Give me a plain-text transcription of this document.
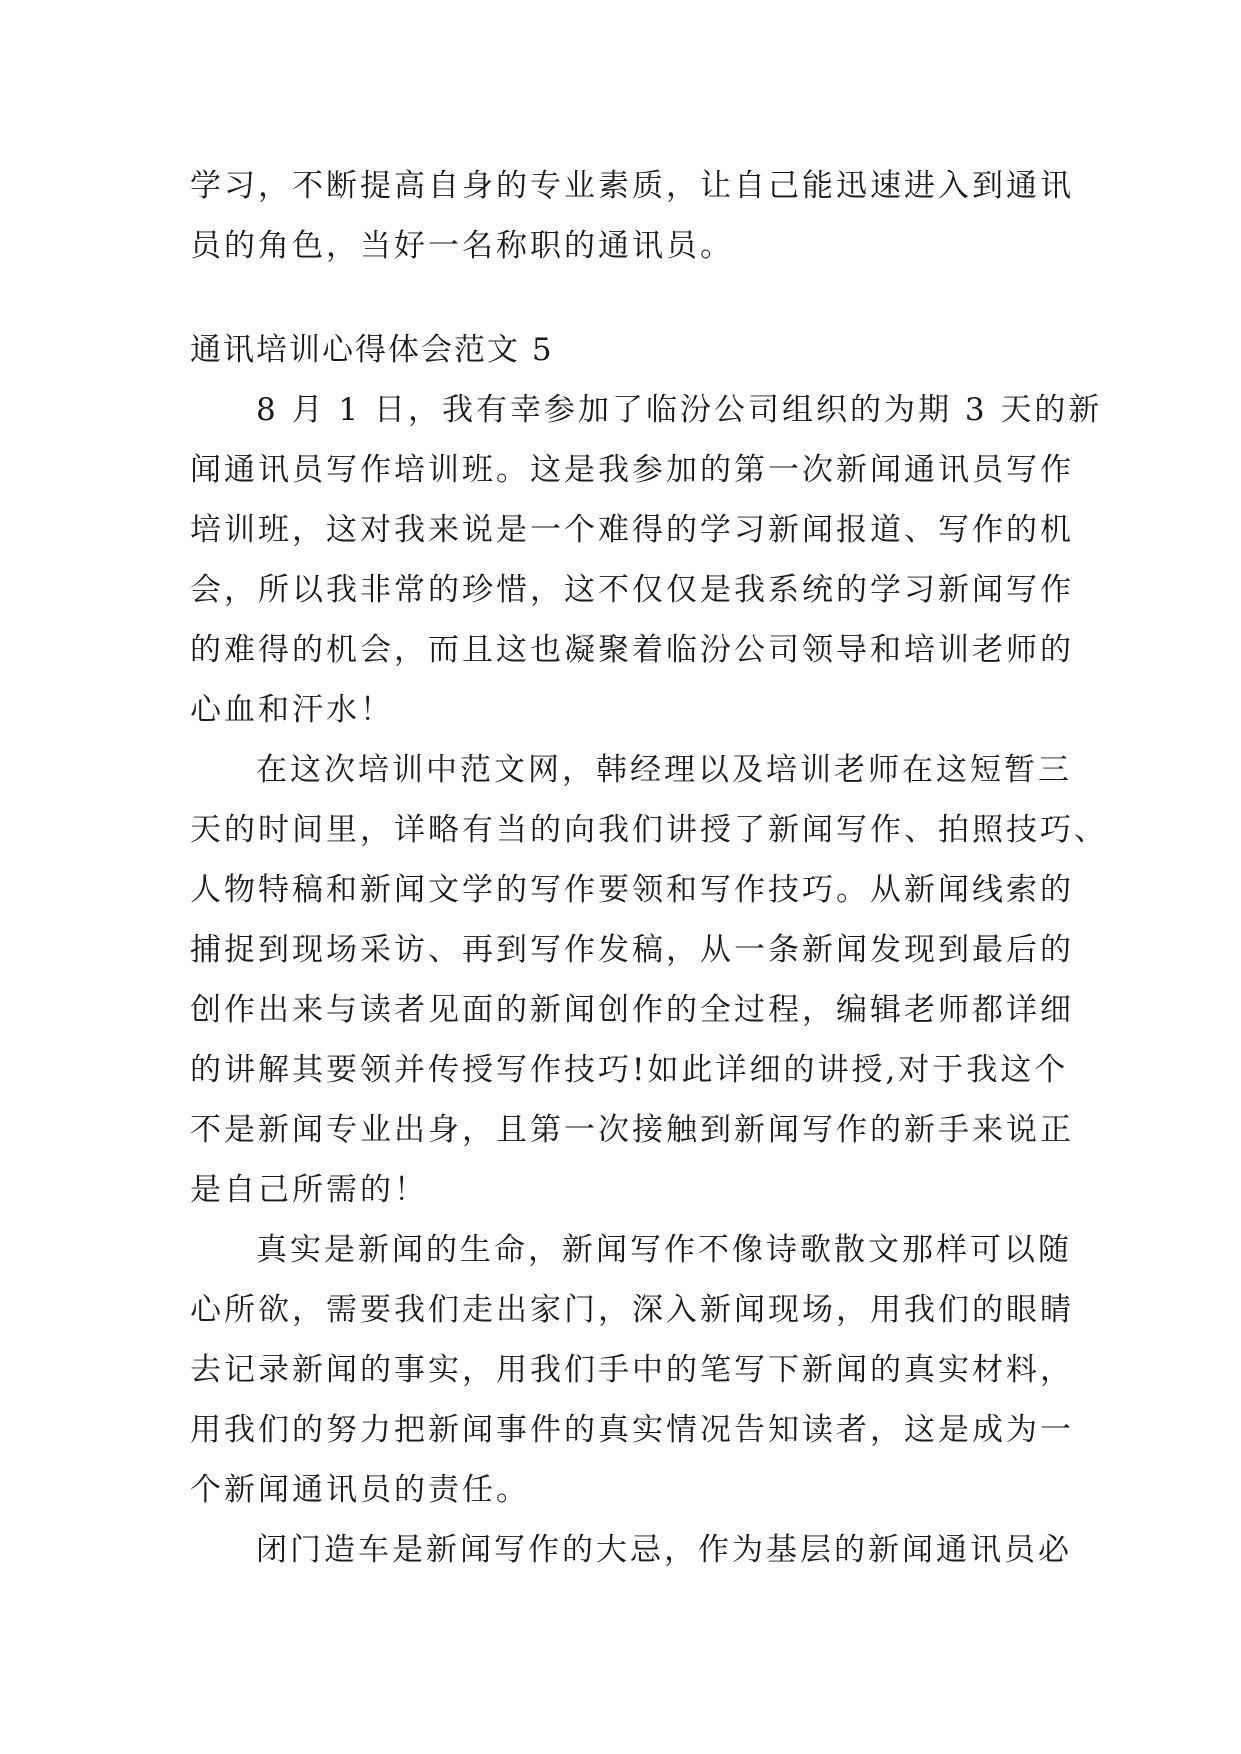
学习，不断提高自身的专业素质，让自己能迅速进入到通讯
员的角色，当好一名称职的通讯员。

通讯培训心得体会范文 5

8 月 1 日，我有幸参加了临汾公司组织的为期 3 天的新
闻通讯员写作培训班。这是我参加的第一次新闻通讯员写作
培训班，这对我来说是一个难得的学习新闻报道、写作的机
会，所以我非常的珍惜，这不仅仅是我系统的学习新闻写作
的难得的机会，而且这也凝聚着临汾公司领导和培训老师的
心血和汗水！

在这次培训中范文网，韩经理以及培训老师在这短暂三
天的时间里，详略有当的向我们讲授了新闻写作、拍照技巧、
人物特稿和新闻文学的写作要领和写作技巧。从新闻线索的
捕捉到现场采访、再到写作发稿，从一条新闻发现到最后的
创作出来与读者见面的新闻创作的全过程，编辑老师都详细
的讲解其要领并传授写作技巧!如此详细的讲授,对于我这个
不是新闻专业出身，且第一次接触到新闻写作的新手来说正
是自己所需的！

真实是新闻的生命，新闻写作不像诗歌散文那样可以随
心所欲，需要我们走出家门，深入新闻现场，用我们的眼睛
去记录新闻的事实，用我们手中的笔写下新闻的真实材料，
用我们的努力把新闻事件的真实情况告知读者，这是成为一
个新闻通讯员的责任。

闭门造车是新闻写作的大忌，作为基层的新闻通讯员必
